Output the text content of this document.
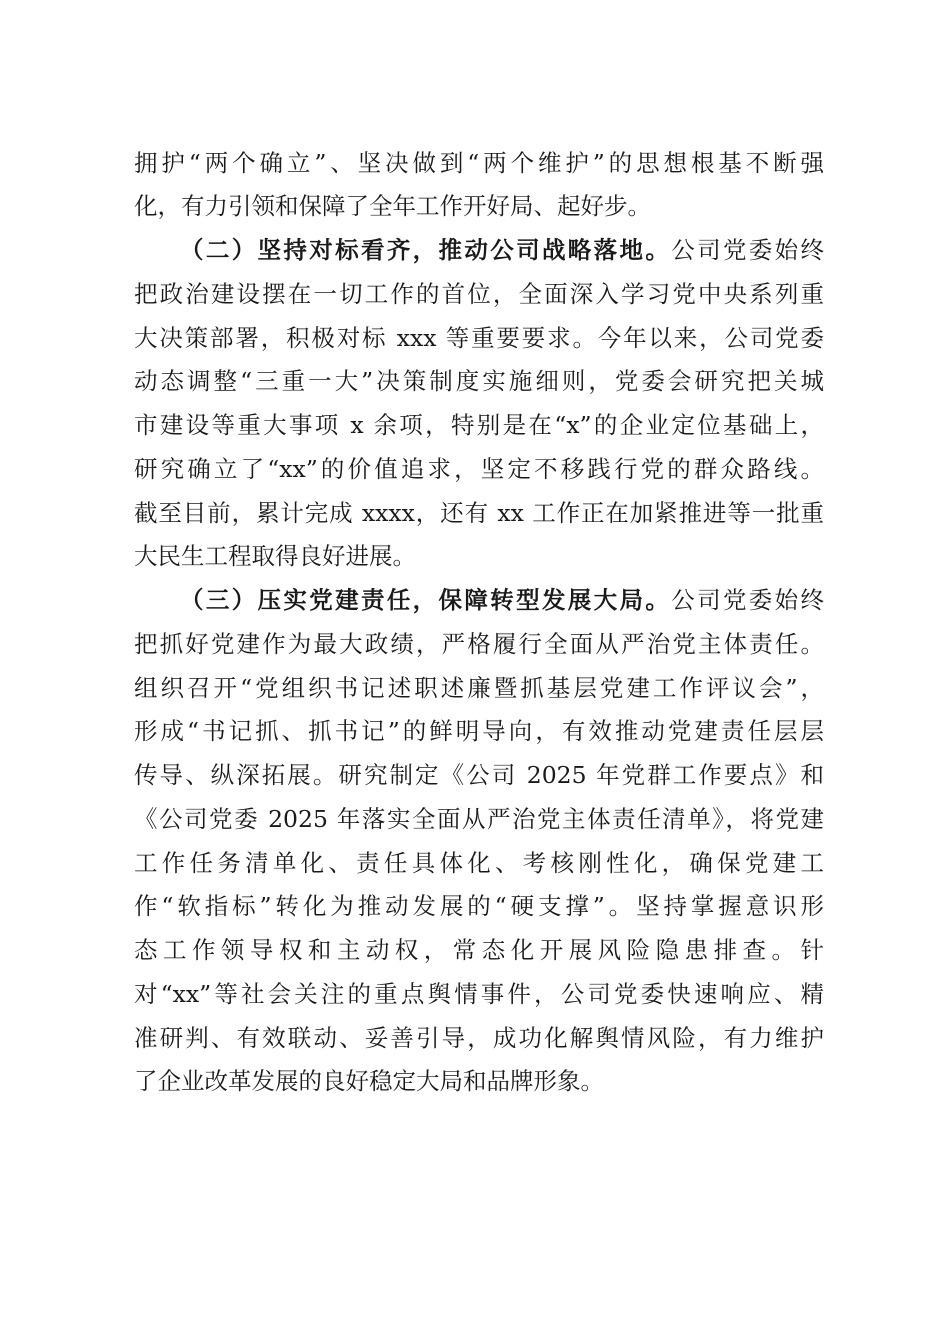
拥护“两个确立”、坚决做到“两个维护”的思想根基不断强
化，有力引领和保障了全年工作开好局、起好步。
（二）坚持对标看齐，推动公司战略落地。公司党委始终
把政治建设摆在一切工作的首位，全面深入学习党中央系列重
大决策部署，积极对标 xxx 等重要要求。今年以来，公司党委
动态调整“三重一大”决策制度实施细则，党委会研究把关城
市建设等重大事项 x 余项，特别是在“x”的企业定位基础上，
研究确立了“xx”的价值追求，坚定不移践行党的群众路线。
截至目前，累计完成 xxxx，还有 xx 工作正在加紧推进等一批重
大民生工程取得良好进展。
（三）压实党建责任，保障转型发展大局。公司党委始终
把抓好党建作为最大政绩，严格履行全面从严治党主体责任。
组织召开“党组织书记述职述廉暨抓基层党建工作评议会”，
形成“书记抓、抓书记”的鲜明导向，有效推动党建责任层层
传导、纵深拓展。研究制定《公司 2025 年党群工作要点》和
《公司党委 2025 年落实全面从严治党主体责任清单》，将党建
工作任务清单化、责任具体化、考核刚性化，确保党建工
作“软指标”转化为推动发展的“硬支撑”。坚持掌握意识形
态工作领导权和主动权，常态化开展风险隐患排查。针
对“xx”等社会关注的重点舆情事件，公司党委快速响应、精
准研判、有效联动、妥善引导，成功化解舆情风险，有力维护
了企业改革发展的良好稳定大局和品牌形象。
